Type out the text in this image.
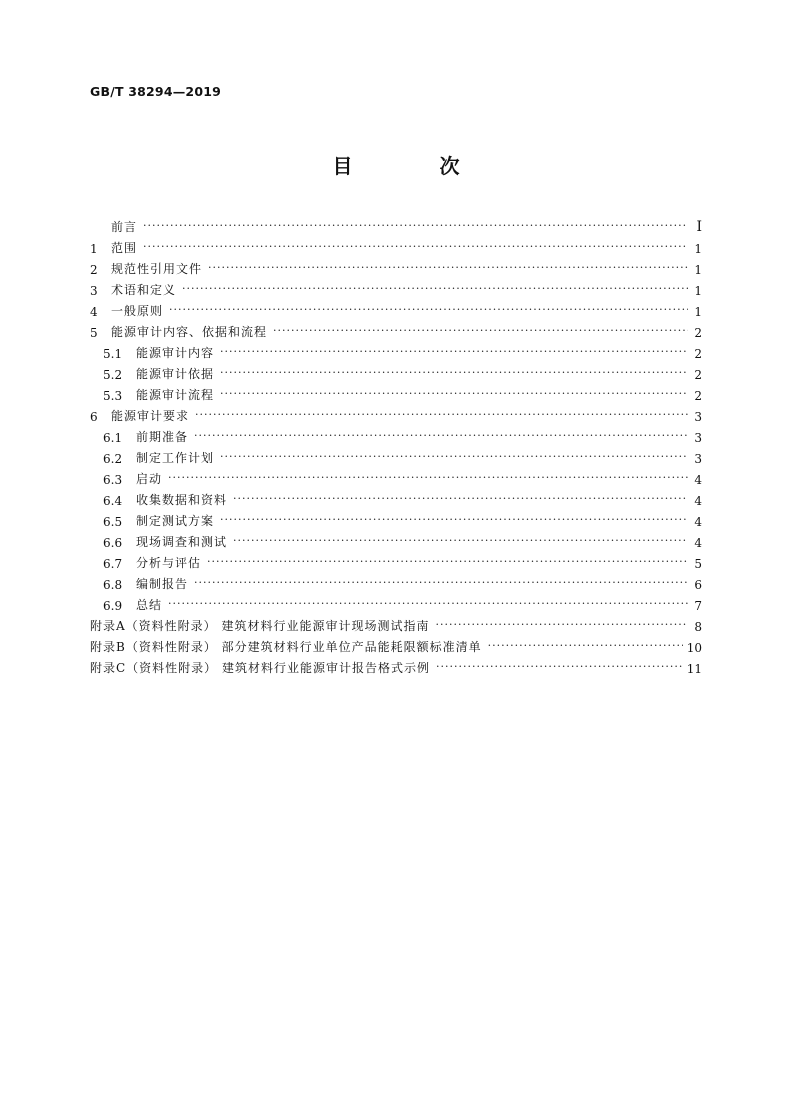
GB/T 38294—2019
目 次
前言 ·····	Ⅰ
1	范围 ·····	1
2	规范性引用文件 ·····	1
3	术语和定义 ·····	1
4	一般原则 ·····	1
5	能源审计内容、依据和流程 ·····	2
5.1	能源审计内容 ·····	2
5.2	能源审计依据 ·····	2
5.3	能源审计流程 ·····	2
6	能源审计要求 ·····	3
6.1	前期准备 ·····	3
6.2	制定工作计划 ·····	3
6.3	启动 ·····	4
6.4	收集数据和资料 ·····	4
6.5	制定测试方案 ·····	4
6.6	现场调查和测试 ·····	4
6.7	分析与评估 ·····	5
6.8	编制报告 ·····	6
6.9	总结 ·····	7
附录A（资料性附录） 建筑材料行业能源审计现场测试指南 ·····	8
附录B（资料性附录） 部分建筑材料行业单位产品能耗限额标准清单 ·····	10
附录C（资料性附录） 建筑材料行业能源审计报告格式示例 ·····	11
